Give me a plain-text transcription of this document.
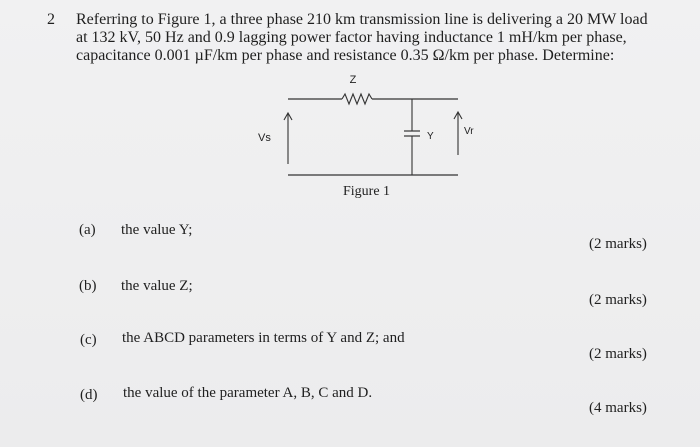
2 Referring to Figure 1, a three phase 210 km transmission line is delivering a 20 MW load
at 132 kV, 50 Hz and 0.9 lagging power factor having inductance 1 mH/km per phase,
capacitance 0.001 µF/km per phase and resistance 0.35 Ω/km per phase. Determine:
Z
Vs	Y	Vr
Figure 1
(a) the value Y;
(2 marks)
(b) the value Z;
(2 marks)
(c) the ABCD parameters in terms of Y and Z; and
(2 marks)
(d) the value of the parameter A, B, C and D.
(4 marks)
